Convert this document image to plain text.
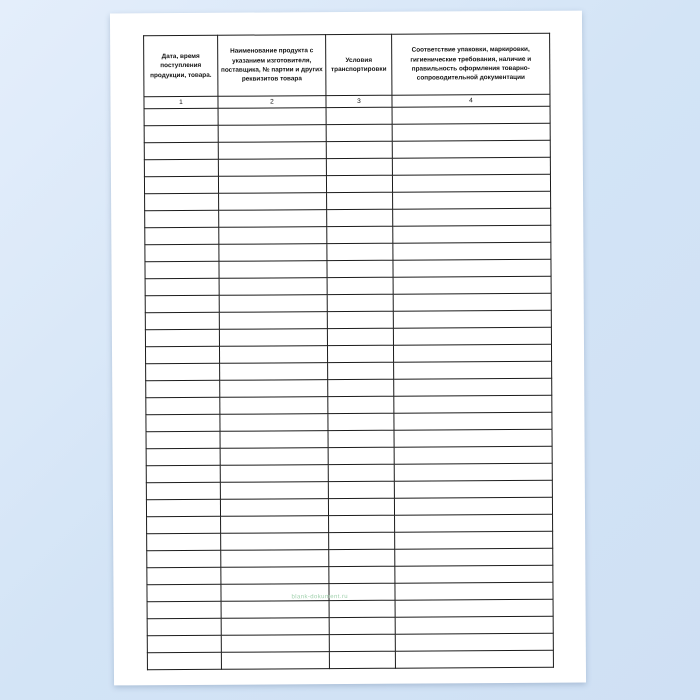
Дата, время поступления продукции, товара.	Наименование продукта с указанием изготовителя, поставщика, № партии и других реквизитов товара	Условия транспортировки	Соответствие упаковки, маркировки, гигиенические требования, наличие и правильность оформления товарно-сопроводительной документации
1	2	3	4

blank-dokument.ru
